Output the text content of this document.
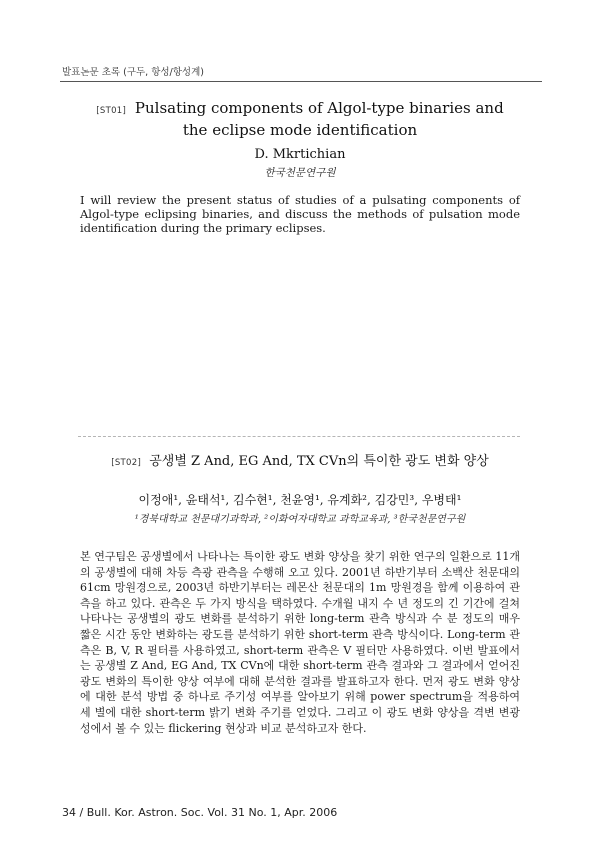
발표논문 초록 (구두, 항성/항성계)
[ST01] Pulsating components of Algol-type binaries and the eclipse mode identification
D. Mkrtichian
한국천문연구원
I will review the present status of studies of a pulsating components of Algol-type eclipsing binaries, and discuss the methods of pulsation mode identification during the primary eclipses.
[ST02] 공생별 Z And, EG And, TX CVn의 특이한 광도 변화 양상
이정애¹, 윤태석¹, 김수현¹, 천윤영¹, 유계화², 김강민³, 우병태¹
¹경북대학교 천문대기과학과, ²이화여자대학교 과학교육과, ³한국천문연구원
본 연구팀은 공생별에서 나타나는 특이한 광도 변화 양상을 찾기 위한 연구의 일환으로 11개의 공생별에 대해 차등 측광 관측을 수행해 오고 있다. 2001년 하반기부터 소백산 천문대의 61cm 망원경으로, 2003년 하반기부터는 레몬산 천문대의 1m 망원경을 함께 이용하여 관측을 하고 있다. 관측은 두 가지 방식을 택하였다. 수개월 내지 수 년 정도의 긴 기간에 걸쳐 나타나는 공생별의 광도 변화를 분석하기 위한 long-term 관측 방식과 수 분 정도의 매우 짧은 시간 동안 변화하는 광도를 분석하기 위한 short-term 관측 방식이다. Long-term 관측은 B, V, R 필터를 사용하였고, short-term 관측은 V 필터만 사용하였다. 이번 발표에서는 공생별 Z And, EG And, TX CVn에 대한 short-term 관측 결과와 그 결과에서 얻어진 광도 변화의 특이한 양상 여부에 대해 분석한 결과를 발표하고자 한다. 먼저 광도 변화 양상에 대한 분석 방법 중 하나로 주기성 여부를 알아보기 위해 power spectrum을 적용하여 세 별에 대한 short-term 밝기 변화 주기를 얻었다. 그리고 이 광도 변화 양상을 격변 변광성에서 볼 수 있는 flickering 현상과 비교 분석하고자 한다.
34 / Bull. Kor. Astron. Soc. Vol. 31 No. 1, Apr. 2006
